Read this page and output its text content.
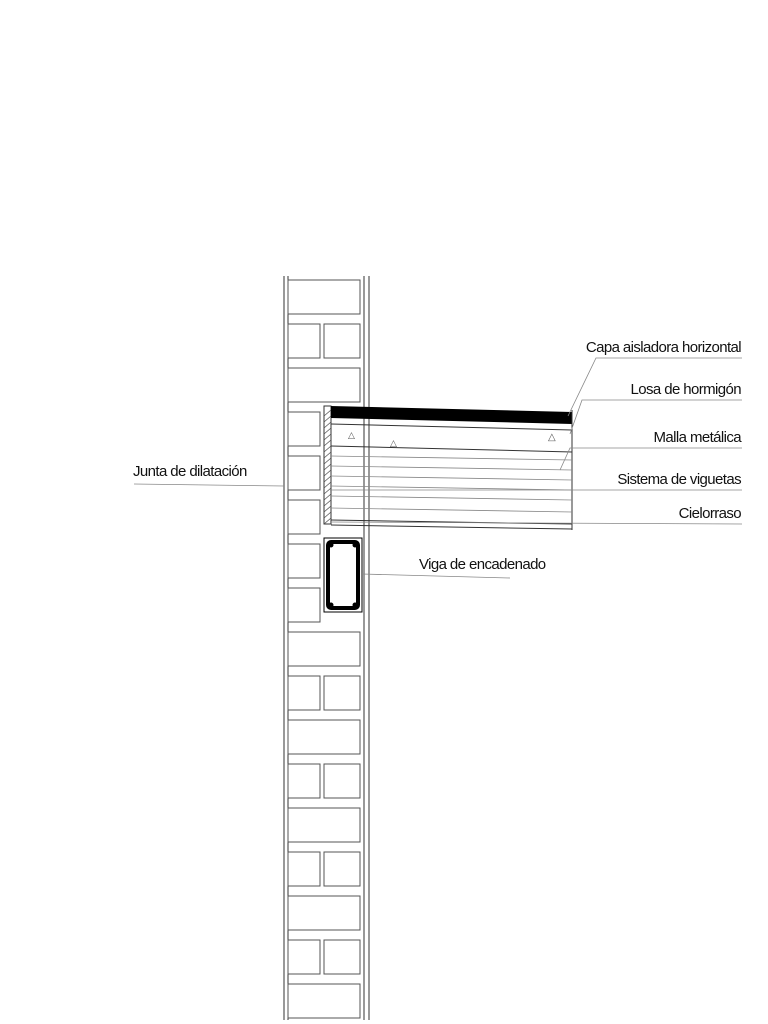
△
△
△
Junta de dilatación
Capa aisladora horizontal
Losa de hormigón
Malla metálica
Sistema de viguetas
Cielorraso
Viga de encadenado
